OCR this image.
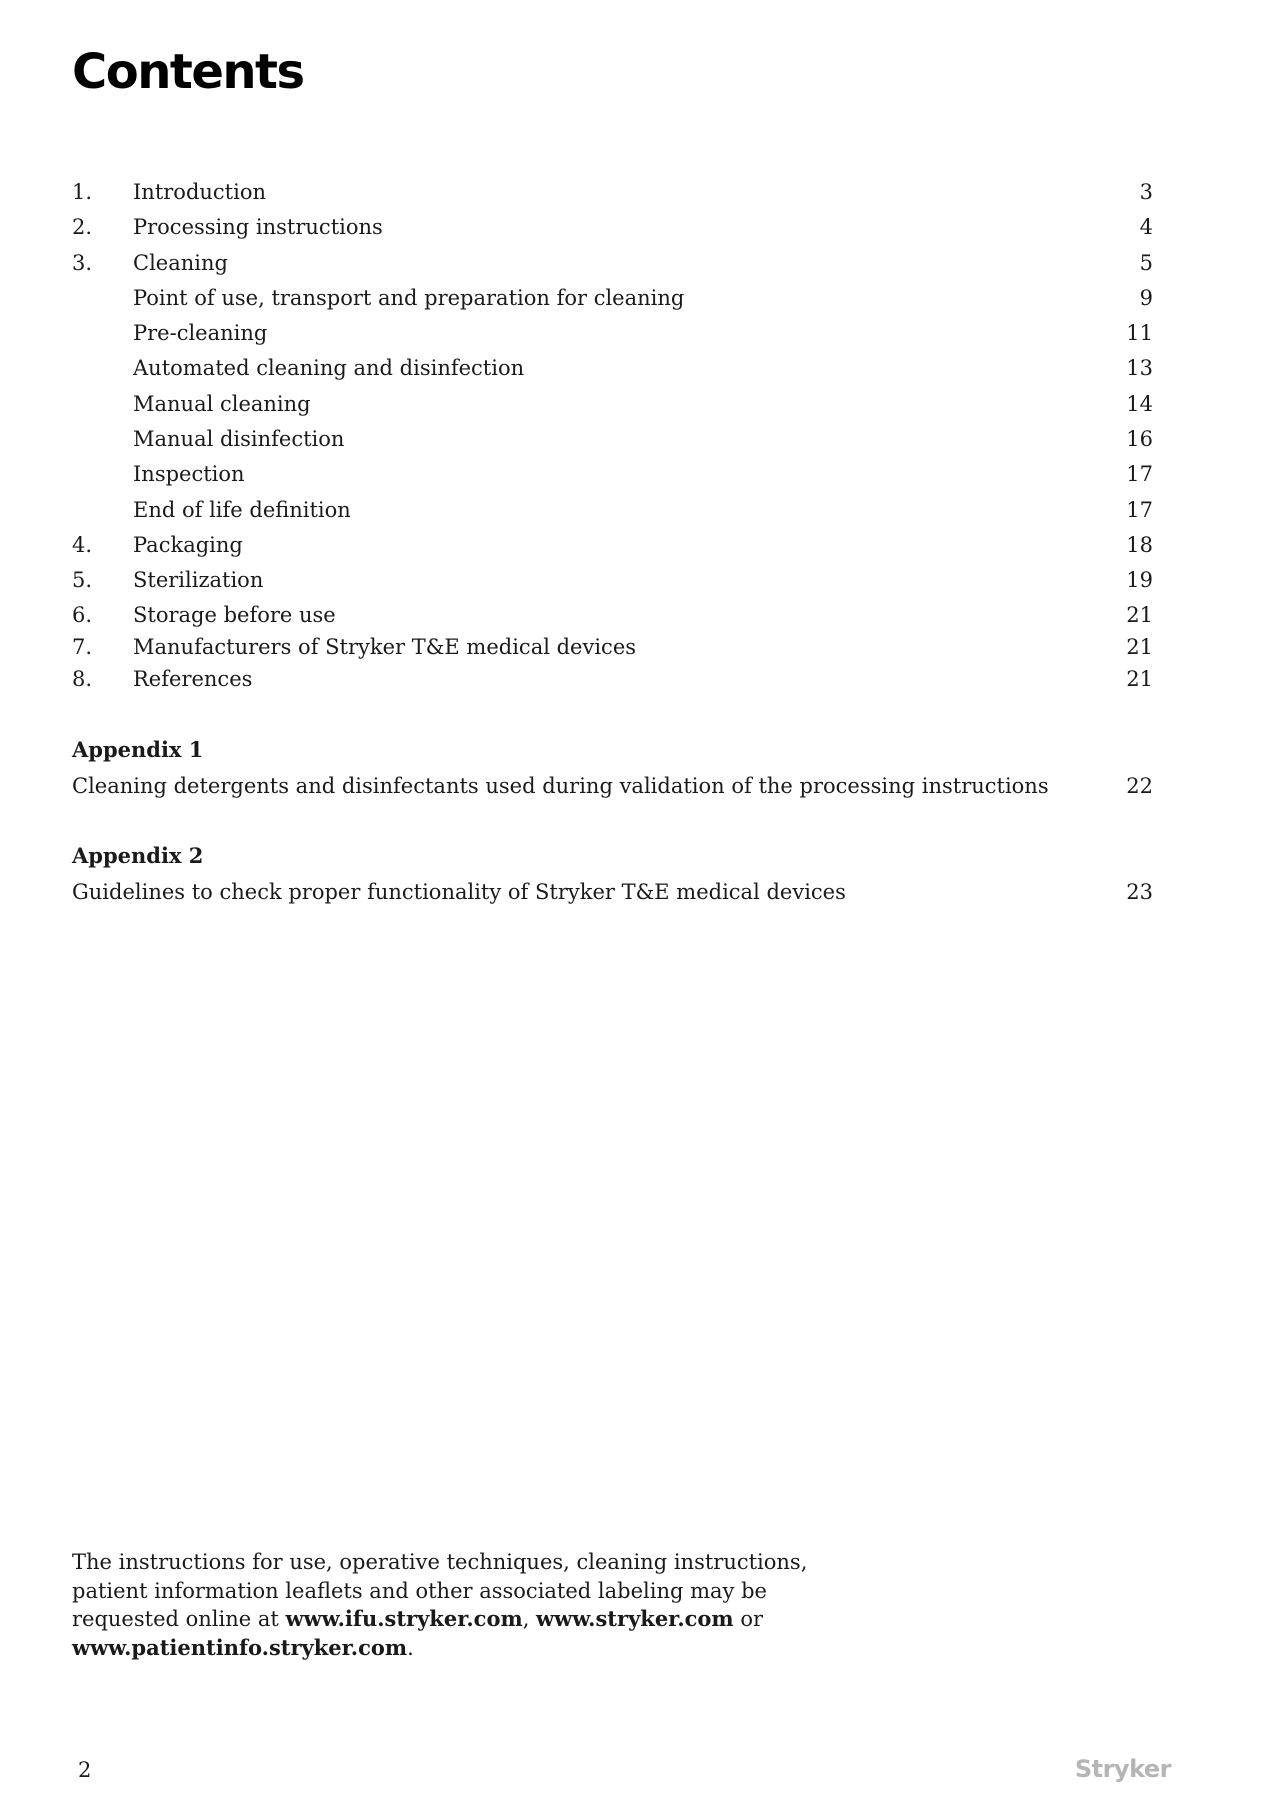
Contents
1. Introduction	3
2. Processing instructions	4
3. Cleaning	5
Point of use, transport and preparation for cleaning	9
Pre-cleaning	11
Automated cleaning and disinfection	13
Manual cleaning	14
Manual disinfection	16
Inspection	17
End of life definition	17
4. Packaging	18
5. Sterilization	19
6. Storage before use	21
7. Manufacturers of Stryker T&E medical devices	21
8. References	21
Appendix 1
Cleaning detergents and disinfectants used during validation of the processing instructions	22
Appendix 2
Guidelines to check proper functionality of Stryker T&E medical devices	23
The instructions for use, operative techniques, cleaning instructions, patient information leaflets and other associated labeling may be requested online at www.ifu.stryker.com, www.stryker.com or www.patientinfo.stryker.com.
2	Stryker
